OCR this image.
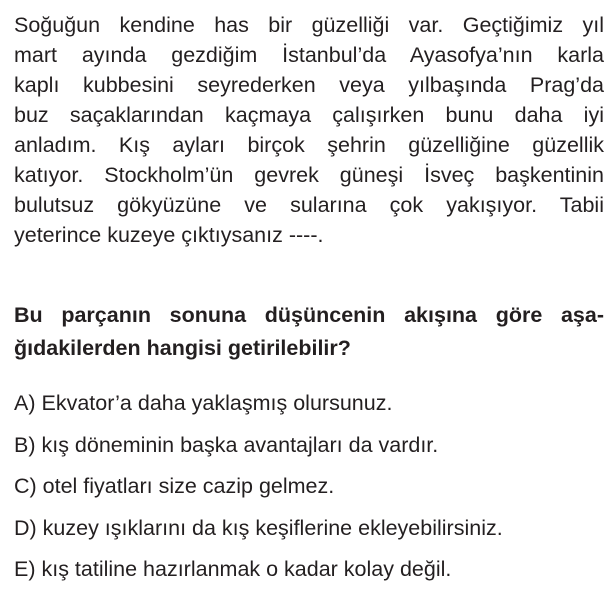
Soğuğun kendine has bir güzelliği var. Geçtiğimiz yıl
mart ayında gezdiğim İstanbul’da Ayasofya’nın karla
kaplı kubbesini seyrederken veya yılbaşında Prag’da
buz saçaklarından kaçmaya çalışırken bunu daha iyi
anladım. Kış ayları birçok şehrin güzelliğine güzellik
katıyor. Stockholm’ün gevrek güneşi İsveç başkentinin
bulutsuz gökyüzüne ve sularına çok yakışıyor. Tabii
yeterince kuzeye çıktıysanız ----.
Bu parçanın sonuna düşüncenin akışına göre aşa-
ğıdakilerden hangisi getirilebilir?
A) Ekvator’a daha yaklaşmış olursunuz.
B) kış döneminin başka avantajları da vardır.
C) otel fiyatları size cazip gelmez.
D) kuzey ışıklarını da kış keşiflerine ekleyebilirsiniz.
E) kış tatiline hazırlanmak o kadar kolay değil.
